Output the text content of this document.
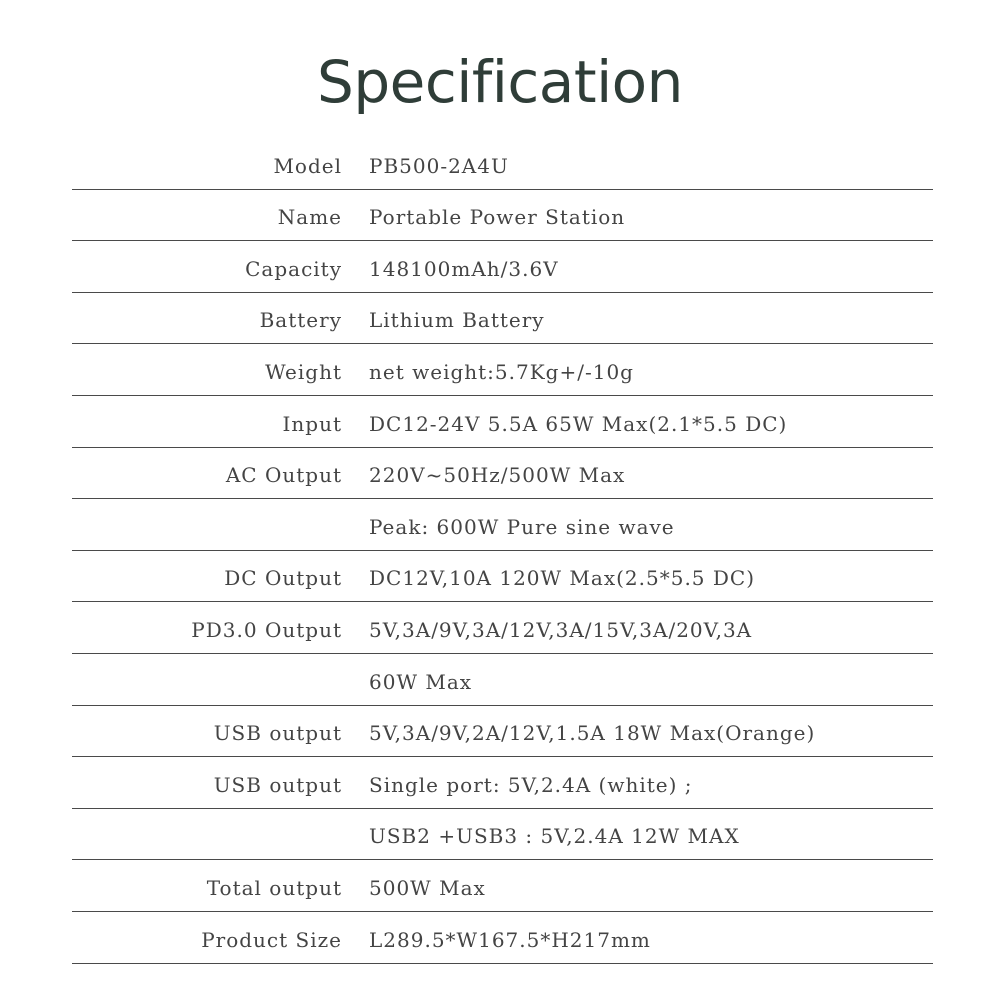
Specification
Model PB500-2A4U
Name Portable Power Station
Capacity 148100mAh/3.6V
Battery Lithium Battery
Weight net weight:5.7Kg+/-10g
Input DC12-24V 5.5A 65W Max(2.1*5.5 DC)
AC Output 220V~50Hz/500W Max
Peak: 600W Pure sine wave
DC Output DC12V,10A 120W Max(2.5*5.5 DC)
PD3.0 Output 5V,3A/9V,3A/12V,3A/15V,3A/20V,3A
60W Max
USB output 5V,3A/9V,2A/12V,1.5A 18W Max(Orange)
USB output Single port: 5V,2.4A (white) ;
USB2 +USB3 : 5V,2.4A 12W MAX
Total output 500W Max
Product Size L289.5*W167.5*H217mm
